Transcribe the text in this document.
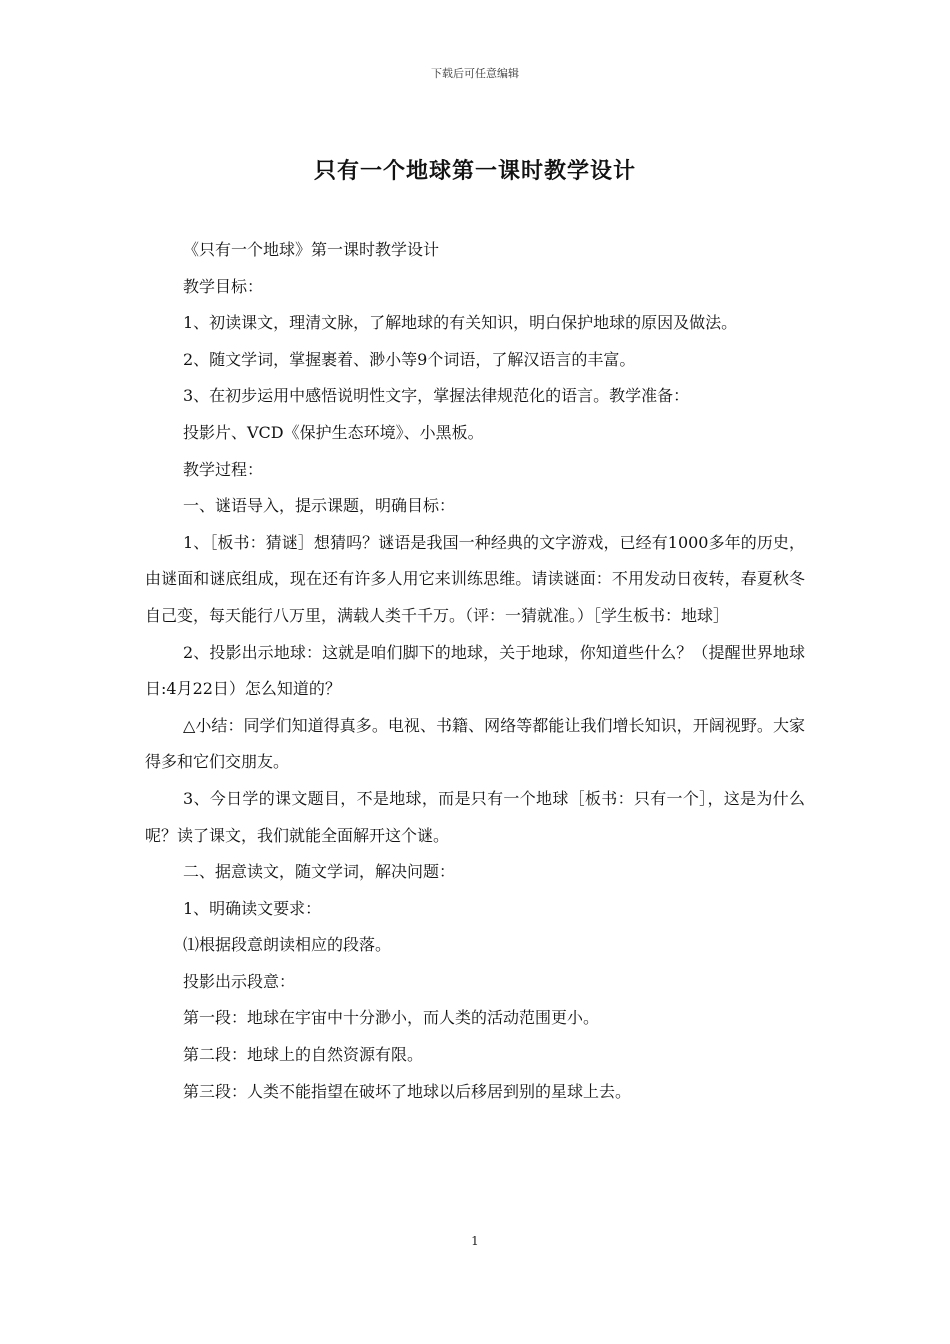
下载后可任意编辑
只有一个地球第一课时教学设计

《只有一个地球》第一课时教学设计

教学目标：

1、初读课文，理清文脉，了解地球的有关知识，明白保护地球的原因及做法。

2、随文学词，掌握裹着、渺小等9个词语，了解汉语言的丰富。

3、在初步运用中感悟说明性文字，掌握法律规范化的语言。教学准备：

投影片、VCD《保护生态环境》、小黑板。

教学过程：

一、谜语导入，提示课题，明确目标：

1、［板书：猜谜］想猜吗？谜语是我国一种经典的文字游戏，已经有1000多年的历史，由谜面和谜底组成，现在还有许多人用它来训练思维。请读谜面：不用发动日夜转，春夏秋冬自己变，每天能行八万里，满载人类千千万。（评：一猜就准。）［学生板书：地球］

2、投影出示地球：这就是咱们脚下的地球，关于地球，你知道些什么？（提醒世界地球日:4月22日）怎么知道的？

△小结：同学们知道得真多。电视、书籍、网络等都能让我们增长知识，开阔视野。大家得多和它们交朋友。

3、今日学的课文题目，不是地球，而是只有一个地球［板书：只有一个］，这是为什么呢？读了课文，我们就能全面解开这个谜。

二、据意读文，随文学词，解决问题：

1、明确读文要求：

⑴根据段意朗读相应的段落。

投影出示段意：

第一段：地球在宇宙中十分渺小，而人类的活动范围更小。

第二段：地球上的自然资源有限。

第三段：人类不能指望在破坏了地球以后移居到别的星球上去。

1
